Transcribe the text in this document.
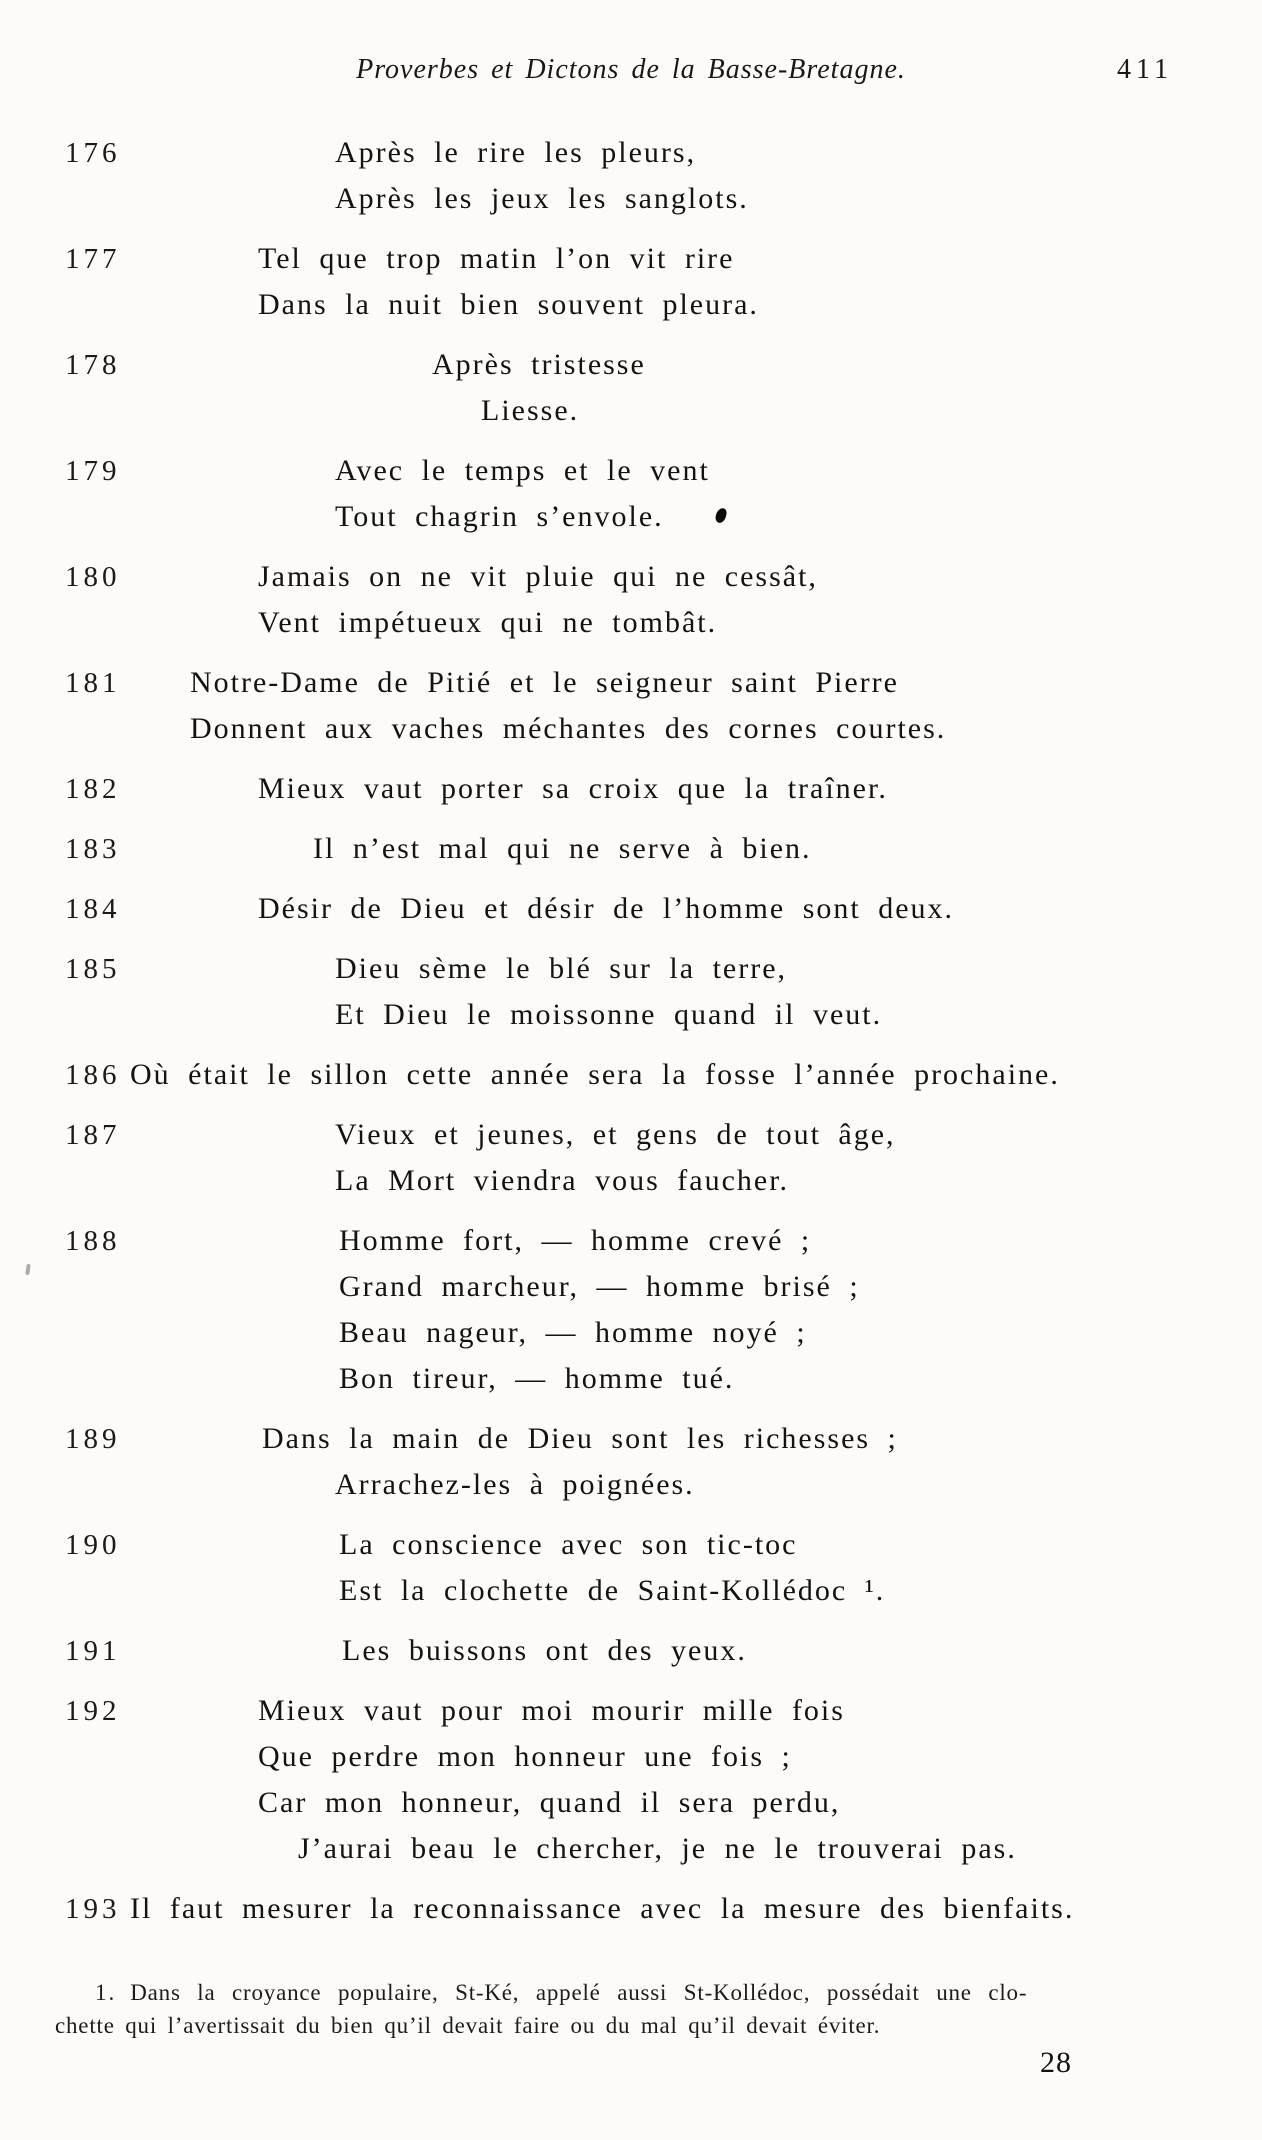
Proverbes et Dictons de la Basse-Bretagne.	411
176	Après le rire les pleurs,
Après les jeux les sanglots.
177	Tel que trop matin l’on vit rire
Dans la nuit bien souvent pleura.
178	Après tristesse
Liesse.
179	Avec le temps et le vent
Tout chagrin s’envole.
180	Jamais on ne vit pluie qui ne cessât,
Vent impétueux qui ne tombât.
181	Notre-Dame de Pitié et le seigneur saint Pierre
Donnent aux vaches méchantes des cornes courtes.
182	Mieux vaut porter sa croix que la traîner.
183	Il n’est mal qui ne serve à bien.
184	Désir de Dieu et désir de l’homme sont deux.
185	Dieu sème le blé sur la terre,
Et Dieu le moissonne quand il veut.
186 Où était le sillon cette année sera la fosse l’année prochaine.
187	Vieux et jeunes, et gens de tout âge,
La Mort viendra vous faucher.
188	Homme fort, — homme crevé ;
Grand marcheur, — homme brisé ;
Beau nageur, — homme noyé ;
Bon tireur, — homme tué.
189	Dans la main de Dieu sont les richesses ;
Arrachez-les à poignées.
190	La conscience avec son tic-toc
Est la clochette de Saint-Kollédoc ¹.
191	Les buissons ont des yeux.
192	Mieux vaut pour moi mourir mille fois
Que perdre mon honneur une fois ;
Car mon honneur, quand il sera perdu,
J’aurai beau le chercher, je ne le trouverai pas.
193 Il faut mesurer la reconnaissance avec la mesure des bienfaits.
1. Dans la croyance populaire, St-Ké, appelé aussi St-Kollédoc, possédait une clo-
chette qui l’avertissait du bien qu’il devait faire ou du mal qu’il devait éviter.
28
